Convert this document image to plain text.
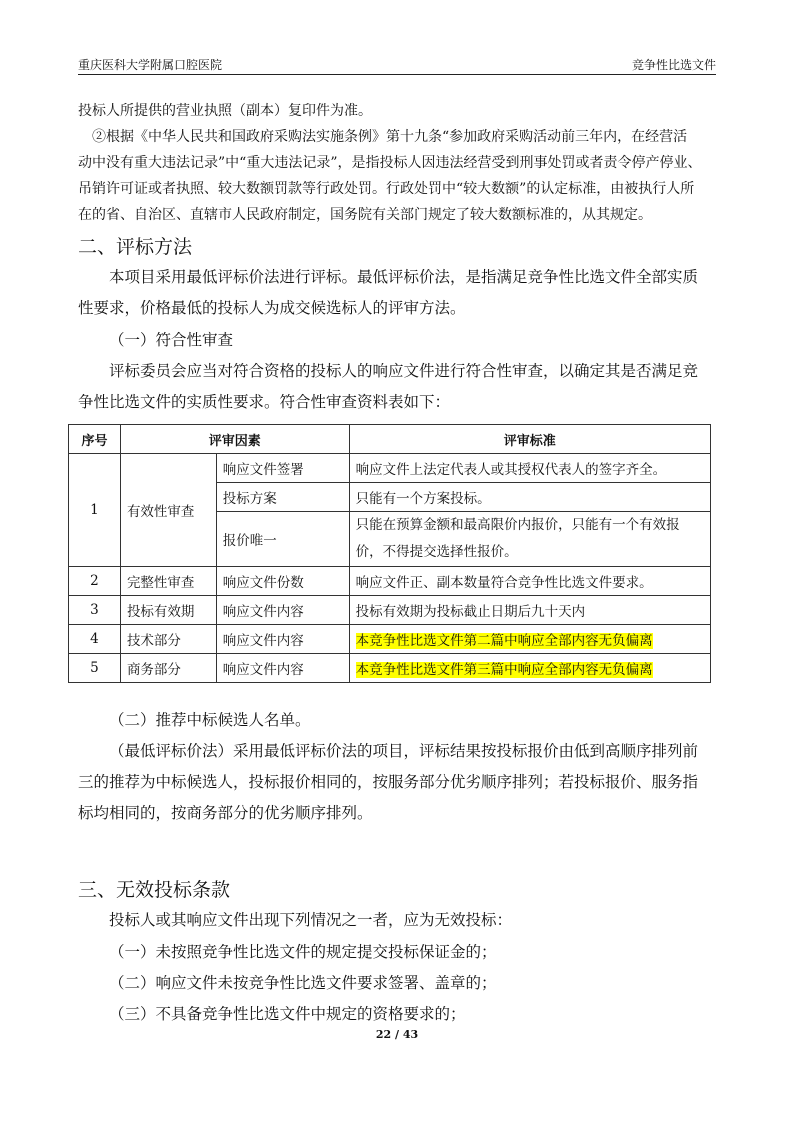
重庆医科大学附属口腔医院	竞争性比选文件
投标人所提供的营业执照（副本）复印件为准。
②根据《中华人民共和国政府采购法实施条例》第十九条“参加政府采购活动前三年内，在经营活
动中没有重大违法记录”中“重大违法记录”，是指投标人因违法经营受到刑事处罚或者责令停产停业、
吊销许可证或者执照、较大数额罚款等行政处罚。行政处罚中“较大数额”的认定标准，由被执行人所
在的省、自治区、直辖市人民政府制定，国务院有关部门规定了较大数额标准的，从其规定。
二、评标方法
本项目采用最低评标价法进行评标。最低评标价法，是指满足竞争性比选文件全部实质
性要求，价格最低的投标人为成交候选标人的评审方法。
（一）符合性审查
评标委员会应当对符合资格的投标人的响应文件进行符合性审查，以确定其是否满足竞
争性比选文件的实质性要求。符合性审查资料表如下：
序号	评审因素		评审标准
1	有效性审查	响应文件签署	响应文件上法定代表人或其授权代表人的签字齐全。
		投标方案	只能有一个方案投标。
		报价唯一	只能在预算金额和最高限价内报价，只能有一个有效报
价，不得提交选择性报价。
2	完整性审查	响应文件份数	响应文件正、副本数量符合竞争性比选文件要求。
3	投标有效期	响应文件内容	投标有效期为投标截止日期后九十天内
4	技术部分	响应文件内容	本竞争性比选文件第二篇中响应全部内容无负偏离
5	商务部分	响应文件内容	本竞争性比选文件第三篇中响应全部内容无负偏离
（二）推荐中标候选人名单。
（最低评标价法）采用最低评标价法的项目，评标结果按投标报价由低到高顺序排列前
三的推荐为中标候选人，投标报价相同的，按服务部分优劣顺序排列；若投标报价、服务指
标均相同的，按商务部分的优劣顺序排列。
三、无效投标条款
投标人或其响应文件出现下列情况之一者，应为无效投标：
（一）未按照竞争性比选文件的规定提交投标保证金的；
（二）响应文件未按竞争性比选文件要求签署、盖章的；
（三）不具备竞争性比选文件中规定的资格要求的；
22 / 43
